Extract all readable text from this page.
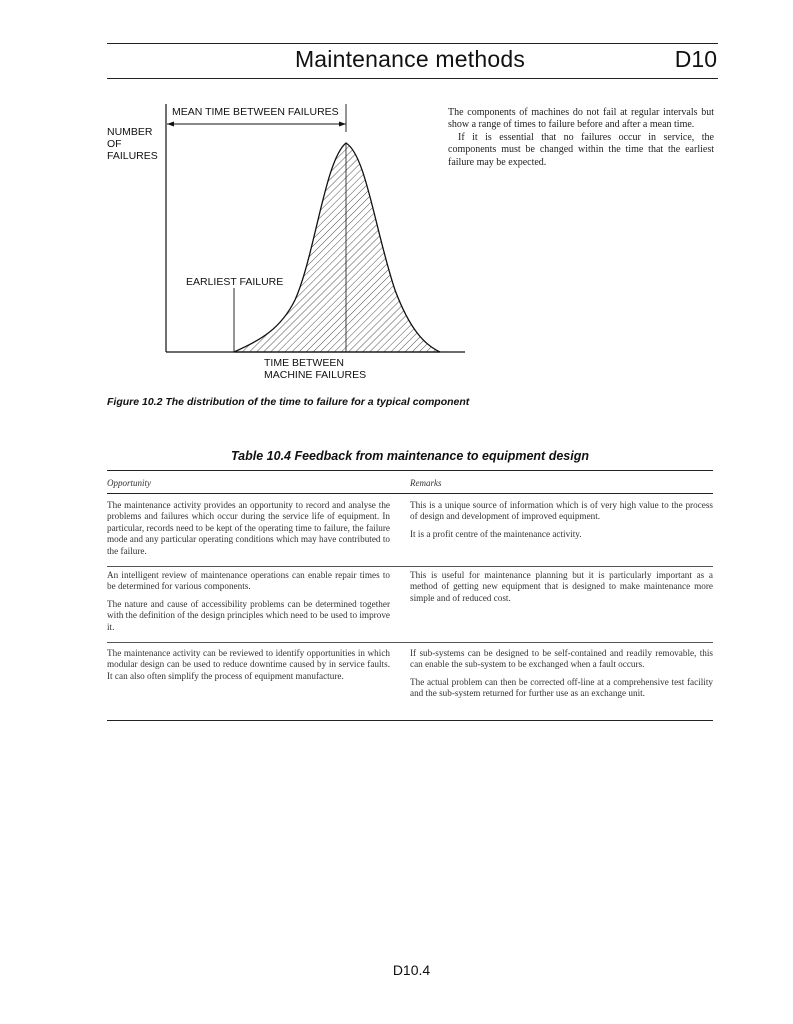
Maintenance methods	D10
MEAN TIME BETWEEN FAILURES
NUMBER
OF
FAILURES
EARLIEST FAILURE
TIME BETWEEN
MACHINE FAILURES

The components of machines do not fail at regular intervals but show a range of times to failure before and after a mean time.

If it is essential that no failures occur in service, the components must be changed within the time that the earliest failure may be expected.

Figure 10.2 The distribution of the time to failure for a typical component
Table 10.4 Feedback from maintenance to equipment design
Opportunity	Remarks

The maintenance activity provides an opportunity to record and analyse the problems and failures which occur during the service life of equipment. In particular, records need to be kept of the operating time to failure, the failure mode and any particular operating conditions which may have contributed to the failure.

This is a unique source of information which is of very high value to the process of design and development of improved equipment.

It is a profit centre of the maintenance activity.

An intelligent review of maintenance operations can enable repair times to be determined for various components.

The nature and cause of accessibility problems can be determined together with the definition of the design principles which need to be used to improve it.

This is useful for maintenance planning but it is particularly important as a method of getting new equipment that is designed to make maintenance more simple and of reduced cost.

The maintenance activity can be reviewed to identify opportunities in which modular design can be used to reduce downtime caused by in service faults. It can also often simplify the process of equipment manufacture.

If sub-systems can be designed to be self-contained and readily removable, this can enable the sub-system to be exchanged when a fault occurs.

The actual problem can then be corrected off-line at a comprehensive test facility and the sub-system returned for further use as an exchange unit.

D10.4
